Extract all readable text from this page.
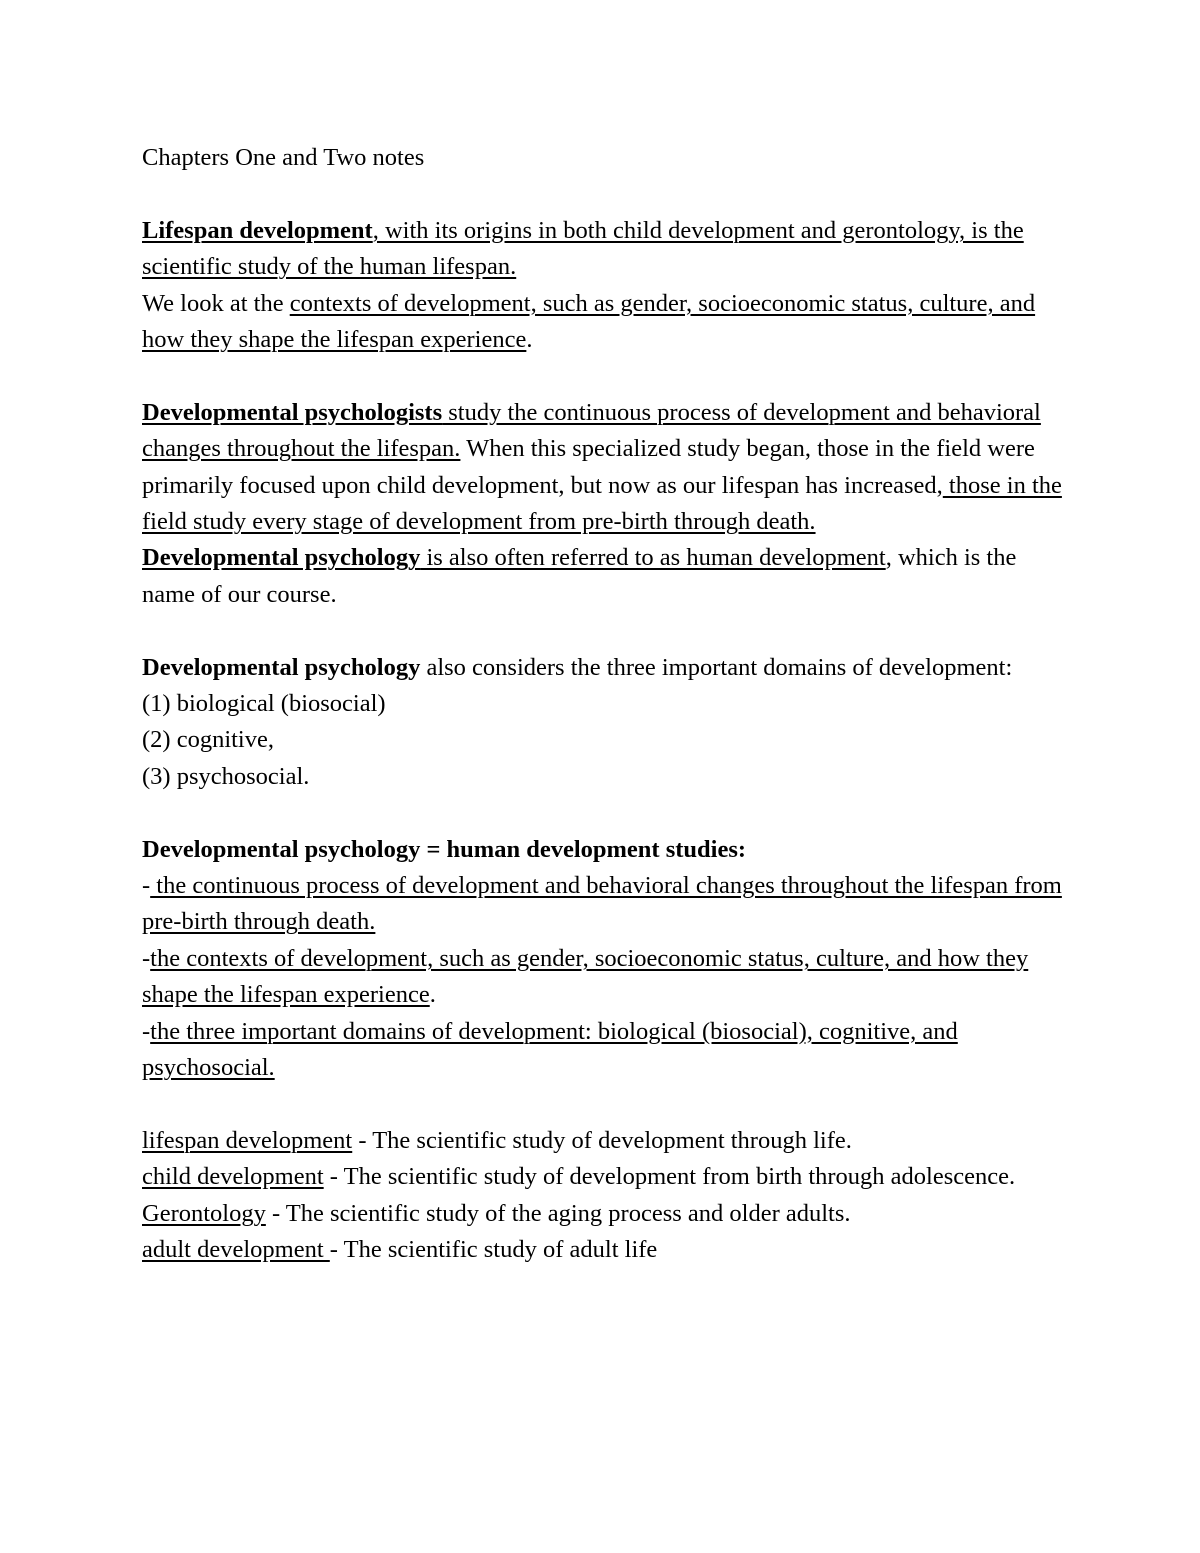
Chapters One and Two notes

Lifespan development, with its origins in both child development and gerontology, is the scientific study of the human lifespan.

We look at the contexts of development, such as gender, socioeconomic status, culture, and how they shape the lifespan experience.

Developmental psychologists study the continuous process of development and behavioral changes throughout the lifespan. When this specialized study began, those in the field were primarily focused upon child development, but now as our lifespan has increased, those in the field study every stage of development from pre-birth through death.

Developmental psychology is also often referred to as human development, which is the name of our course.

Developmental psychology also considers the three important domains of development:

(1) biological (biosocial)

(2) cognitive,

(3) psychosocial.

Developmental psychology = human development studies:

- the continuous process of development and behavioral changes throughout the lifespan from pre-birth through death.

-the contexts of development, such as gender, socioeconomic status, culture, and how they shape the lifespan experience.

-the three important domains of development: biological (biosocial), cognitive, and psychosocial.

lifespan development - The scientific study of development through life.

child development - The scientific study of development from birth through adolescence.

Gerontology - The scientific study of the aging process and older adults.

adult development - The scientific study of adult life
